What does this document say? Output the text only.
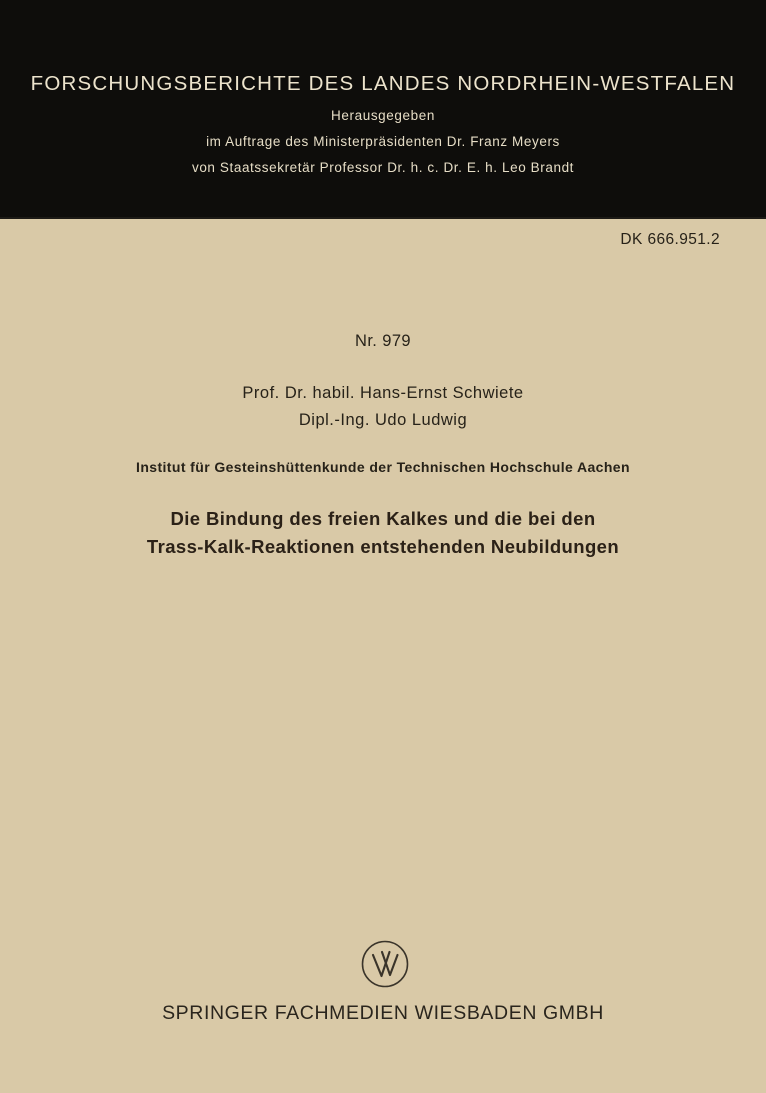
FORSCHUNGSBERICHTE DES LANDES NORDRHEIN-WESTFALEN
Herausgegeben
im Auftrage des Ministerpräsidenten Dr. Franz Meyers
von Staatssekretär Professor Dr. h. c. Dr. E. h. Leo Brandt
DK 666.951.2
Nr. 979
Prof. Dr. habil. Hans-Ernst Schwiete
Dipl.-Ing. Udo Ludwig
Institut für Gesteinshüttenkunde der Technischen Hochschule Aachen
Die Bindung des freien Kalkes und die bei den
Trass-Kalk-Reaktionen entstehenden Neubildungen
SPRINGER FACHMEDIEN WIESBADEN GMBH
